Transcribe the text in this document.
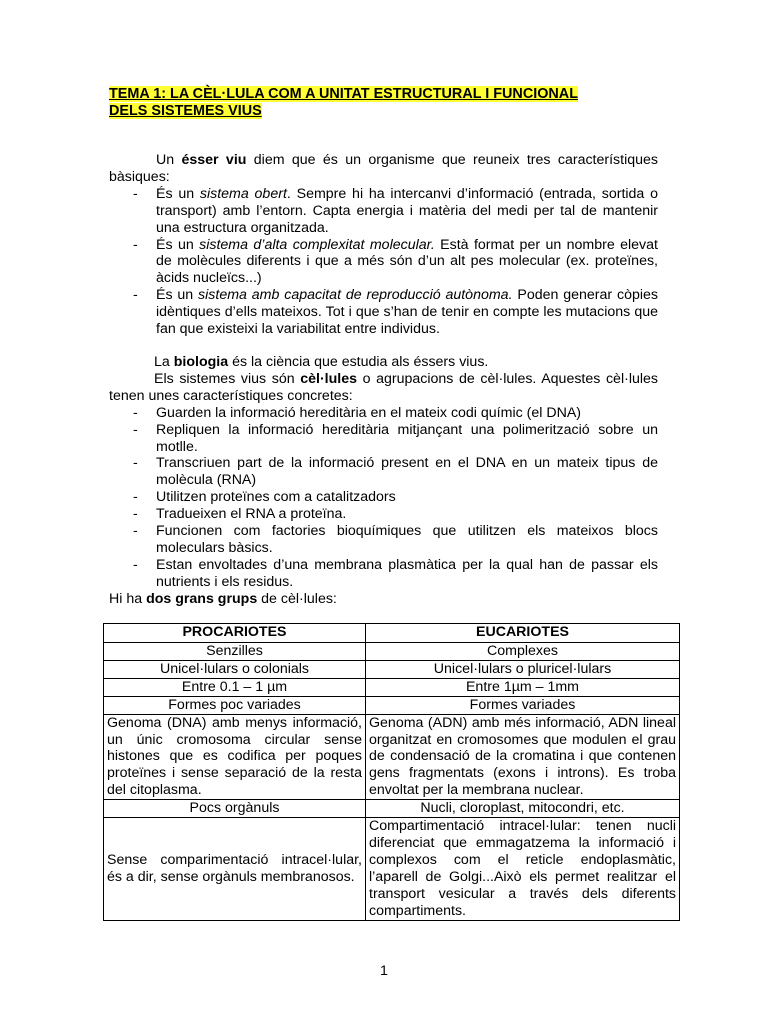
TEMA 1: LA CÈL·LULA COM A UNITAT ESTRUCTURAL I FUNCIONAL
DELS SISTEMES VIUS

Un ésser viu diem que és un organisme que reuneix tres característiques bàsiques:

- És un sistema obert. Sempre hi ha intercanvi d’informació (entrada, sortida o transport) amb l’entorn. Capta energia i matèria del medi per tal de mantenir una estructura organitzada.
- És un sistema d’alta complexitat molecular. Està format per un nombre elevat de molècules diferents i que a més són d’un alt pes molecular (ex. proteïnes, àcids nucleïcs...)
- És un sistema amb capacitat de reproducció autònoma. Poden generar còpies idèntiques d’ells mateixos. Tot i que s’han de tenir en compte les mutacions que fan que existeixi la variabilitat entre individus.

La biologia és la ciència que estudia als éssers vius.

Els sistemes vius són cèl·lules o agrupacions de cèl·lules. Aquestes cèl·lules tenen unes característiques concretes:

- Guarden la informació hereditària en el mateix codi químic (el DNA)
- Repliquen la informació hereditària mitjançant una polimerització sobre un motlle.
- Transcriuen part de la informació present en el DNA en un mateix tipus de molècula (RNA)
- Utilitzen proteïnes com a catalitzadors
- Tradueixen el RNA a proteïna.
- Funcionen com factories bioquímiques que utilitzen els mateixos blocs moleculars bàsics.
- Estan envoltades d’una membrana plasmàtica per la qual han de passar els nutrients i els residus.

Hi ha dos grans grups de cèl·lules:

PROCARIOTES	EUCARIOTES
Senzilles	Complexes
Unicel·lulars o colonials	Unicel·lulars o pluricel·lulars
Entre 0.1 – 1 µm	Entre 1µm – 1mm
Formes poc variades	Formes variades
Genoma (DNA) amb menys informació, un únic cromosoma circular sense histones que es codifica per poques proteïnes i sense separació de la resta del citoplasma.	Genoma (ADN) amb més informació, ADN lineal organitzat en cromosomes que modulen el grau de condensació de la cromatina i que contenen gens fragmentats (exons i introns). Es troba envoltat per la membrana nuclear.
Pocs orgànuls	Nucli, cloroplast, mitocondri, etc.
Sense comparimentació intracel·lular, és a dir, sense orgànuls membranosos.	Compartimentació intracel·lular: tenen nucli diferenciat que emmagatzema la informació i complexos com el reticle endoplasmàtic, l’aparell de Golgi...Això els permet realitzar el transport vesicular a través dels diferents compartiments.
1
